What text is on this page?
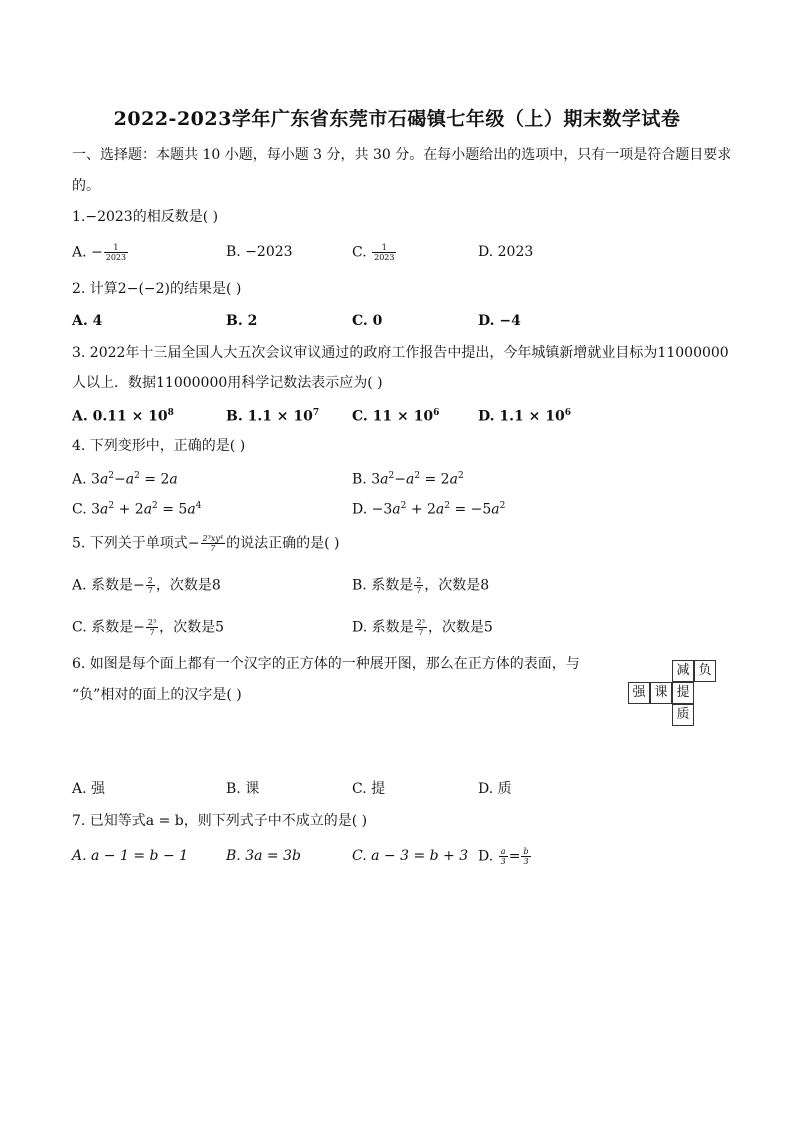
2022-2023学年广东省东莞市石碣镇七年级（上）期末数学试卷
一、选择题：本题共 10 小题，每小题 3 分，共 30 分。在每小题给出的选项中，只有一项是符合题目要求
的。
1.−2023的相反数是( )
A. − $\frac{1}{2023}$	B. −2023	C. $\frac{1}{2023}$	D. 2023
2. 计算2−(−2)的结果是( )
A. 4	B. 2	C. 0	D. −4
3. 2022年十三届全国人大五次会议审议通过的政府工作报告中提出，今年城镇新增就业目标为11000000
人以上．数据11000000用科学记数法表示应为( )
A. $0.11 \times 10^8$	B. $1.1 \times 10^7$ C. $11 \times 10^6$	D. $1.1 \times 10^6$
4. 下列变形中，正确的是( )
A. $3a^2-a^2 = 2a$	B. $3a^2-a^2 = 2a^2$
C. $3a^2 + 2a^2 = 5a^4$	D. $-3a^2 + 2a^2 = -5a^2$
5. 下列关于单项式− $\frac{\text{2³xy⁴}}{7}$ 的说法正确的是( )
A. 系数是− $\frac{2}{7}$ ，次数是8	B. 系数是 $\frac{2}{7}$ ，次数是8
C. 系数是− $\frac{\text{2³}}{7}$ ，次数是5	D. 系数是 $\frac{\text{2³}}{7}$ ，次数是5
6. 如图是每个面上都有一个汉字的正方体的一种展开图，那么在正方体的表面，与
“负”相对的面上的汉字是( )
减 负
强 课 提
质
A. 强	B. 课	C. 提	D. 质
7. 已知等式a = b，则下列式子中不成立的是( )
A. a − 1 = b − 1	B. 3a = 3b	C. a − 3 = b + 3 D. $\frac{a}{3} = \frac{b}{3}$
